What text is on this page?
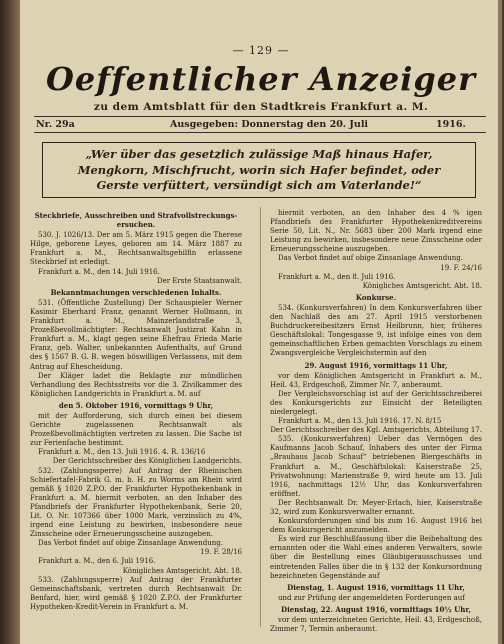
— 129 —
Oeffentlicher Anzeiger
zu dem Amtsblatt für den Stadtkreis Frankfurt a. M.
Nr. 29a	Ausgegeben: Donnerstag den 20. Juli	1916.

„Wer über das gesetzlich zulässige Maß hinaus Hafer,

Mengkorn, Mischfrucht, worin sich Hafer befindet, oder

Gerste verfüttert, versündigt sich am Vaterlande!“

Steckbriefe, Ausschreiben und Strafvollstreckungs-ersuchen.

530. J. 1026/13. Der am 5. März 1915 gegen die Therese Hilge, geborene Leyes, geboren am 14. März 1887 zu Frankfurt a. M., Rechtsanwaltsgehilfin erlassene Steckbrief ist erledigt.

Frankfurt a. M., den 14. Juli 1916.

Der Erste Staatsanwalt.

Bekanntmachungen verschiedenen Inhalts.

531. (Öffentliche Zustellung) Der Schauspieler Werner Kasimir Eberhard Franz, genannt Werner Hollmann, in Frankfurt a. M., Mainzerlandstraße 3, Prozeßbevollmächtigter: Rechtsanwalt Justizrat Kahn in Frankfurt a. M., klagt gegen seine Ehefrau Frieda Marie Franz, geb. Walter, unbekannten Aufenthalts, auf Grund des § 1567 B. G. B. wegen böswilligen Verlassens, mit dem Antrag auf Ehescheidung.

Der Kläger ladet die Beklagte zur mündlichen Verhandlung des Rechtsstreits vor die 3. Zivilkammer des Königlichen Landgerichts in Frankfurt a. M. auf

den 5. Oktober 1916, vormittags 9 Uhr,

mit der Aufforderung, sich durch einen bei diesem Gerichte zugelassenen Rechtsanwalt als Prozeßbevollmächtigten vertreten zu lassen. Die Sache ist zur Ferienfache bestimmt.

Frankfurt a. M., den 13. Juli 1916. 4. R. 136/16

Der Gerichtsschreiber des Königlichen Landgerichts.

532. (Zahlungssperre) Auf Antrag der Rheinischen Schiefertafel-Fabrik G. m. b. H. zu Worms am Rhein wird gemäß § 1020 Z.P.O. der Frankfurter Hypothekenbank in Frankfurt a. M. hiermit verboten, an den Inhaber des Pfandbriefs der Frankfurter Hypothekenbank, Serie 20, Lit. O. Nr. 107366 über 1000 Mark, verzinslich zu 4%, irgend eine Leistung zu bewirken, insbesondere neue Zinsscheine oder Erneuerungsscheine auszugeben.

Das Verbot findet auf obige Zinsanlage Anwendung.

19. F. 28/16

Frankfurt a. M., den 6. Juli 1916.

Königliches Amtsgericht. Abt. 18.

533. (Zahlungssperre) Auf Antrag der Frankfurter Gemeinschaftsbank, vertreten durch Rechtsanwalt Dr. Benfard, hier, wird gemäß § 1020 Z.P.O. der Frankfurter Hypotheken-Kredit-Verein in Frankfurt a. M.

hiermit verboten, an den Inhaber des 4 % igen Pfandbriefs des Frankfurter Hypothekenkreditvereins Serie 50, Lit. N., Nr. 5683 über 200 Mark irgend eine Leistung zu bewirken, insbesondere neue Zinsscheine oder Erneuerungsscheine auszugeben.

Das Verbot findet auf obige Zinsanlage Anwendung.

19. F. 24/16

Frankfurt a. M., den 8. Juli 1916.

Königliches Amtsgericht. Abt. 18.

Konkurse.

534. (Konkursverfahren) In dem Konkursverfahren über den Nachlaß des am 27. April 1915 verstorbenen Buchdruckereibesitzers Ernst Heilbrunn, hier, früheres Geschäftslokal: Tongesgasse 9, ist infolge eines von dem gemeinschaftlichen Erben gemachten Vorschlags zu einem Zwangsvergleiche Vergleichstermin auf den

29. August 1916, vormittags 11 Uhr,

vor dem Königlichen Amtsgericht in Frankfurt a. M., Heil. 43, Erdgeschoß, Zimmer Nr. 7, anberaumt.

Der Vergleichsvorschlag ist auf der Gerichtsschreiberei des Konkursgerichts zur Einsicht der Beteiligten niedergelegt.

Frankfurt a. M., den 13. Juli 1916. 17. N. 8/15

Der Gerichtsschreiber des Kgl. Amtsgerichts, Abteilung 17.

535. (Konkursverfahren) Ueber das Vermögen des Kaufmanns Jacob Schauf, Inhabers des unter der Firma „Brauhaus Jacob Schauf“ betriebenen Biergeschäfts in Frankfurt a. M., Geschäftslokal: Kaiserstraße 25, Privatwohnung: Marienstraße 9, wird heute am 13. Juli 1916, nachmittags 12½ Uhr, das Konkursverfahren eröffnet.

Der Rechtsanwalt Dr. Meyer-Erlach, hier, Kaiserstraße 32, wird zum Konkursverwalter ernannt.

Konkursforderungen sind bis zum 16. August 1916 bei dem Konkursgericht anzumelden.

Es wird zur Beschlußfassung über die Beibehaltung des ernannten oder die Wahl eines anderen Verwalters, sowie über die Bestellung eines Gläubigerausschusses und eintretenden Falles über die in § 132 der Konkursordnung bezeichneten Gegenstände auf

Dienstag, 1. August 1916, vormittags 11 Uhr,

und zur Prüfung der angemeldeten Forderungen auf

Dienstag, 22. August 1916, vormittags 10½ Uhr,

vor dem unterzeichneten Gerichte, Heil. 43, Erdgeschoß, Zimmer 7, Termin anberaumt.
